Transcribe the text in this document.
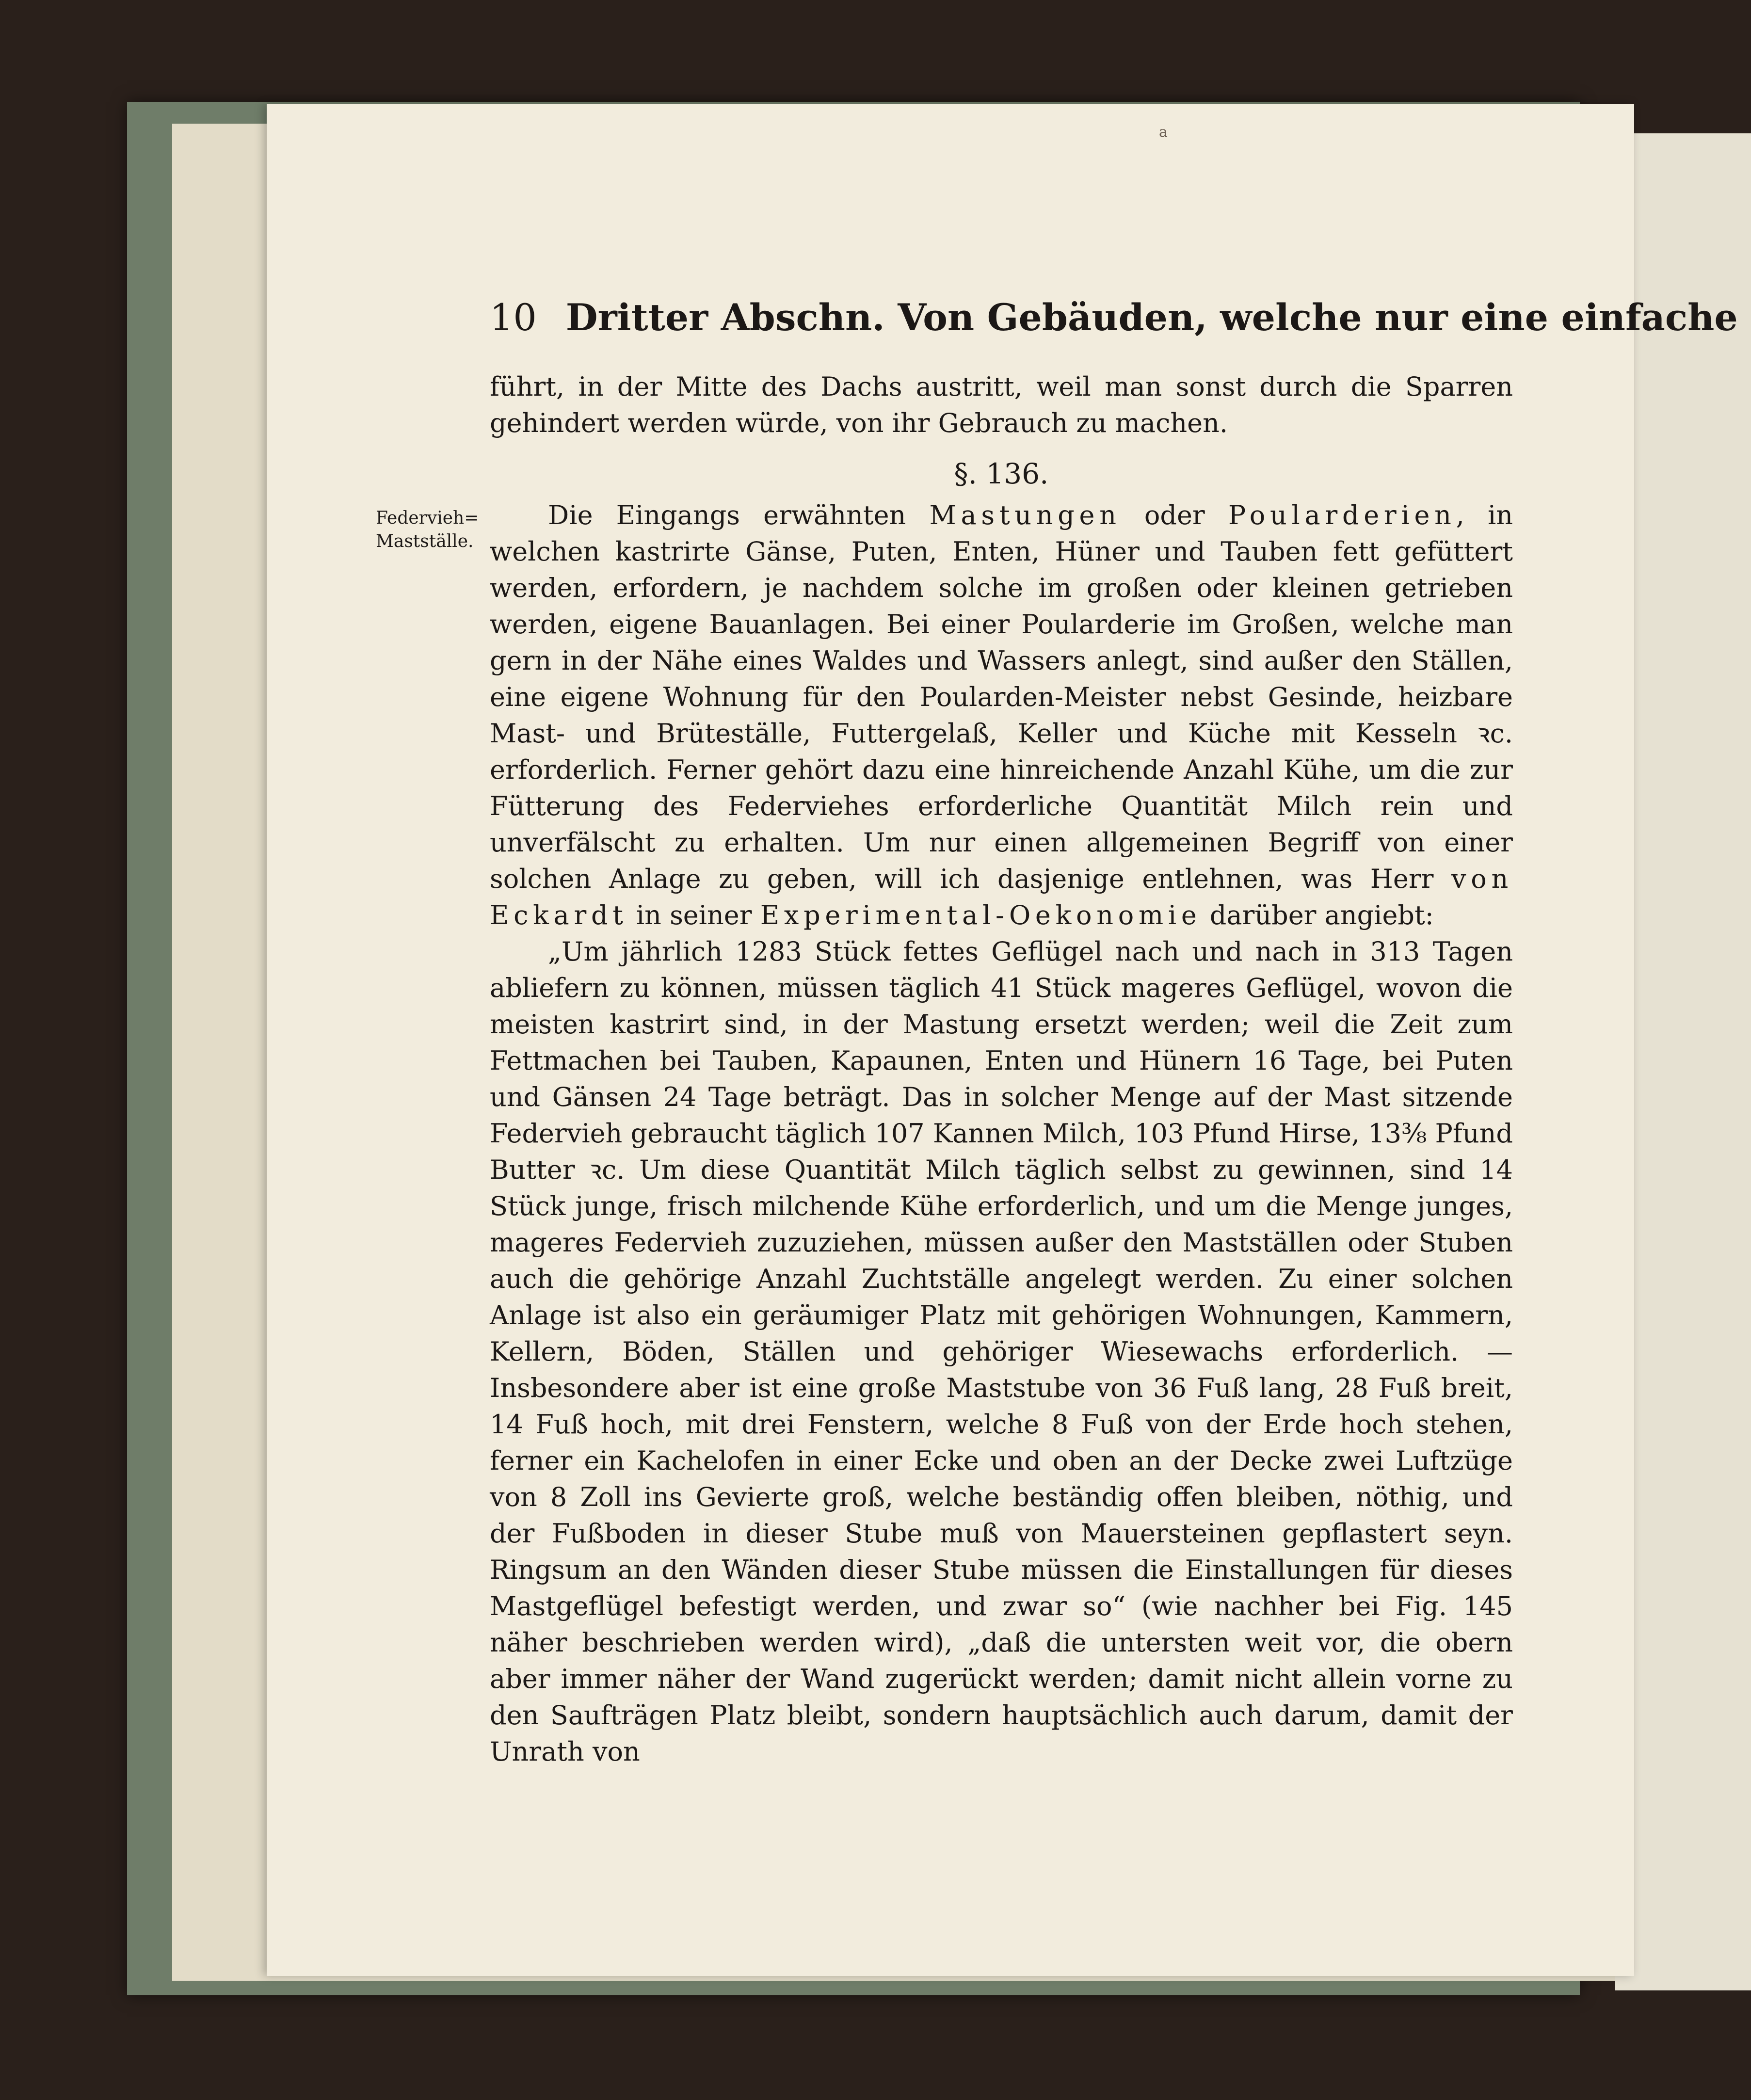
a
10 Dritter Abschn. Von Gebäuden, welche nur eine einfache
Federvieh=
Mastställe.

führt, in der Mitte des Dachs austritt, weil man sonst durch die Sparren gehindert werden würde, von ihr Gebrauch zu machen.

§. 136.

Die Eingangs erwähnten Mastungen oder Poularderien, in welchen kastrirte Gänse, Puten, Enten, Hüner und Tauben fett gefüttert werden, erfordern, je nachdem solche im großen oder kleinen getrieben werden, eigene Bauanlagen. Bei einer Poularderie im Großen, welche man gern in der Nähe eines Waldes und Wassers anlegt, sind außer den Ställen, eine eigene Wohnung für den Poularden-Meister nebst Gesinde, heizbare Mast- und Brüteställe, Futtergelaß, Keller und Küche mit Kesseln ꝛc. erforderlich. Ferner gehört dazu eine hinreichende Anzahl Kühe, um die zur Fütterung des Federviehes erforderliche Quantität Milch rein und unverfälscht zu erhalten. Um nur einen allgemeinen Begriff von einer solchen Anlage zu geben, will ich dasjenige entlehnen, was Herr von Eckardt in seiner Experimental-Oekonomie darüber angiebt:

„Um jährlich 1283 Stück fettes Geflügel nach und nach in 313 Tagen abliefern zu können, müssen täglich 41 Stück mageres Geflügel, wovon die meisten kastrirt sind, in der Mastung ersetzt werden; weil die Zeit zum Fettmachen bei Tauben, Kapaunen, Enten und Hünern 16 Tage, bei Puten und Gänsen 24 Tage beträgt. Das in solcher Menge auf der Mast sitzende Federvieh gebraucht täglich 107 Kannen Milch, 103 Pfund Hirse, 13⅜ Pfund Butter ꝛc. Um diese Quantität Milch täglich selbst zu gewinnen, sind 14 Stück junge, frisch milchende Kühe erforderlich, und um die Menge junges, mageres Federvieh zuzuziehen, müssen außer den Mastställen oder Stuben auch die gehörige Anzahl Zuchtställe angelegt werden. Zu einer solchen Anlage ist also ein geräumiger Platz mit gehörigen Wohnungen, Kammern, Kellern, Böden, Ställen und gehöriger Wiesewachs erforderlich. — Insbesondere aber ist eine große Maststube von 36 Fuß lang, 28 Fuß breit, 14 Fuß hoch, mit drei Fenstern, welche 8 Fuß von der Erde hoch stehen, ferner ein Kachelofen in einer Ecke und oben an der Decke zwei Luftzüge von 8 Zoll ins Gevierte groß, welche beständig offen bleiben, nöthig, und der Fußboden in dieser Stube muß von Mauersteinen gepflastert seyn. Ringsum an den Wänden dieser Stube müssen die Einstallungen für dieses Mastgeflügel befestigt werden, und zwar so“ (wie nachher bei Fig. 145 näher beschrieben werden wird), „daß die untersten weit vor, die obern aber immer näher der Wand zugerückt werden; damit nicht allein vorne zu den Saufträgen Platz bleibt, sondern hauptsächlich auch darum, damit der Unrath von
